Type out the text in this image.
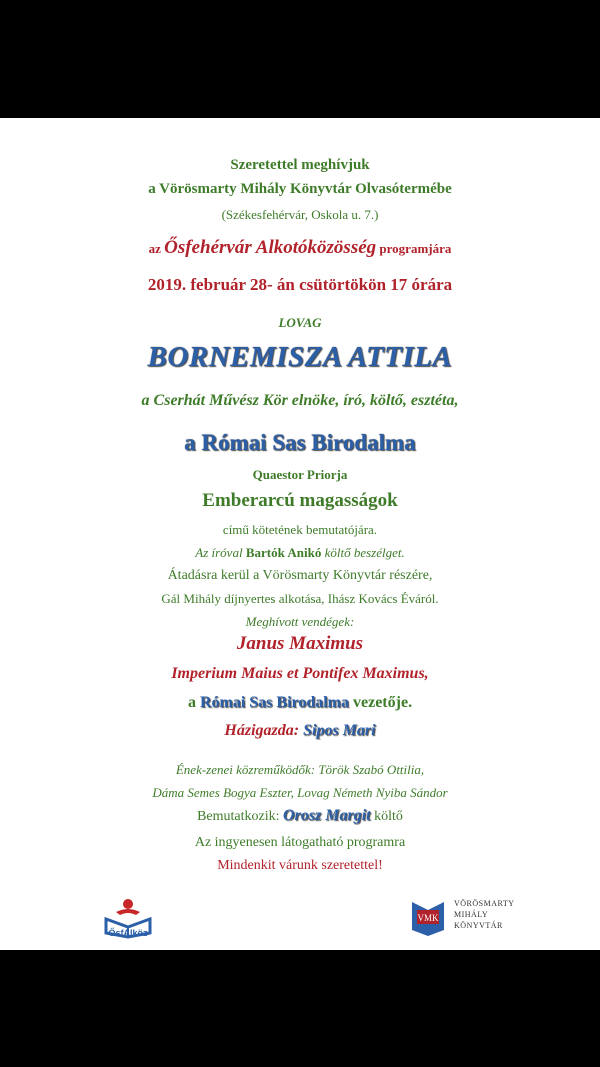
Szeretettel meghívjuk
a Vörösmarty Mihály Könyvtár Olvasótermébe
(Székesfehérvár, Oskola u. 7.)
az Ősfehérvár Alkotóközösség programjára
2019. február 28- án csütörtökön 17 órára
LOVAG
BORNEMISZA ATTILA
a Cserhát Művész Kör elnöke, író, költő, esztéta,
a Római Sas Birodalma
Quaestor Priorja
Emberarcú magasságok
című kötetének bemutatójára.
Az íróval Bartók Anikó költő beszélget.
Átadásra kerül a Vörösmarty Könyvtár részére,
Gál Mihály díjnyertes alkotása, Ihász Kovács Éváról.
Meghívott vendégek:
Janus Maximus
Imperium Maius et Pontifex Maximus,
a Római Sas Birodalma vezetője.
Házigazda: Sipos Mari
Ének-zenei közreműködők: Török Szabó Ottilia,
Dáma Semes Bogya Eszter, Lovag Németh Nyiba Sándor
Bemutatkozik: Orosz Margit költő
Az ingyenesen látogatható programra
Mindenkit várunk szeretettel!
ŐsfAlköz
VMK
VÖRÖSMARTY
MIHÁLY
KÖNYVTÁR
